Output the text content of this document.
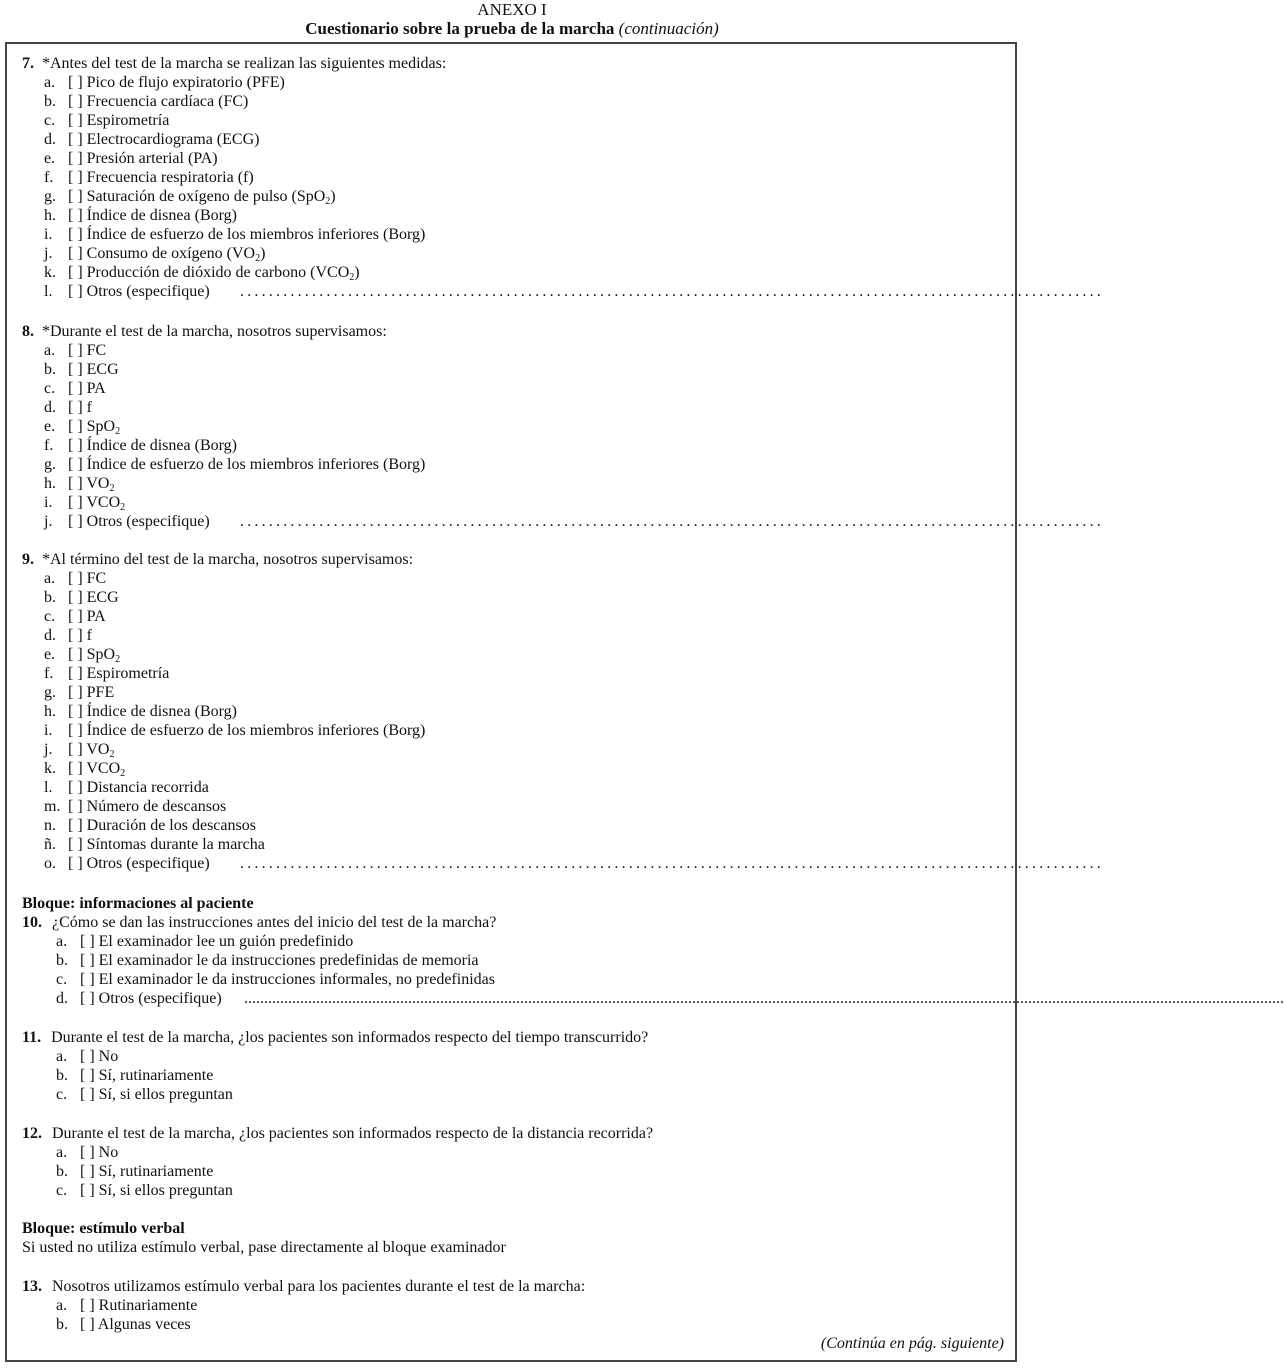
ANEXO I
Cuestionario sobre la prueba de la marcha (continuación)
7. *Antes del test de la marcha se realizan las siguientes medidas:
a. [ ] Pico de flujo expiratorio (PFE)
b. [ ] Frecuencia cardíaca (FC)
c. [ ] Espirometría
d. [ ] Electrocardiograma (ECG)
e. [ ] Presión arterial (PA)
f. [ ] Frecuencia respiratoria (f)
g. [ ] Saturación de oxígeno de pulso (SpO$_2$)
h. [ ] Índice de disnea (Borg)
i. [ ] Índice de esfuerzo de los miembros inferiores (Borg)
j. [ ] Consumo de oxígeno $(VO_2)$
k. [ ] Producción de dióxido de carbono $(VCO_2)$
l. [ ] Otros (especifique) ........................................................................................................................
8. *Durante el test de la marcha, nosotros supervisamos:
a. [ ] FC
b. [ ] ECG
c. [ ] PA
d. [ ] f
e. [ ] SpO$_2$
f. [ ] Índice de disnea (Borg)
g. [ ] Índice de esfuerzo de los miembros inferiores (Borg)
h. [ ] $VO_2$
i. [ ] $VCO_2$
j. [ ] Otros (especifique) ........................................................................................................................
9. *Al término del test de la marcha, nosotros supervisamos:
a. [ ] FC
b. [ ] ECG
c. [ ] PA
d. [ ] f
e. [ ] SpO$_2$
f. [ ] Espirometría
g. [ ] PFE
h. [ ] Índice de disnea (Borg)
i. [ ] Índice de esfuerzo de los miembros inferiores (Borg)
j. [ ] $VO_2$
k. [ ] $VCO_2$
l. [ ] Distancia recorrida
m. [ ] Número de descansos
n. [ ] Duración de los descansos
ñ. [ ] Síntomas durante la marcha
o. [ ] Otros (especifique) ........................................................................................................................
Bloque: informaciones al paciente
10. ¿Cómo se dan las instrucciones antes del inicio del test de la marcha?
a. [ ] El examinador lee un guión predefinido
b. [ ] El examinador le da instrucciones predefinidas de memoria
c. [ ] El examinador le da instrucciones informales, no predefinidas
d. [ ] Otros (especifique) ....................................................................................................................................................................................................................................................................
11. Durante el test de la marcha, ¿los pacientes son informados respecto del tiempo transcurrido?
a. [ ] No
b. [ ] Sí, rutinariamente
c. [ ] Sí, si ellos preguntan
12. Durante el test de la marcha, ¿los pacientes son informados respecto de la distancia recorrida?
a. [ ] No
b. [ ] Sí, rutinariamente
c. [ ] Sí, si ellos preguntan
Bloque: estímulo verbal
Si usted no utiliza estímulo verbal, pase directamente al bloque examinador
13. Nosotros utilizamos estímulo verbal para los pacientes durante el test de la marcha:
a. [ ] Rutinariamente
b. [ ] Algunas veces
(Continúa en pág. siguiente)
